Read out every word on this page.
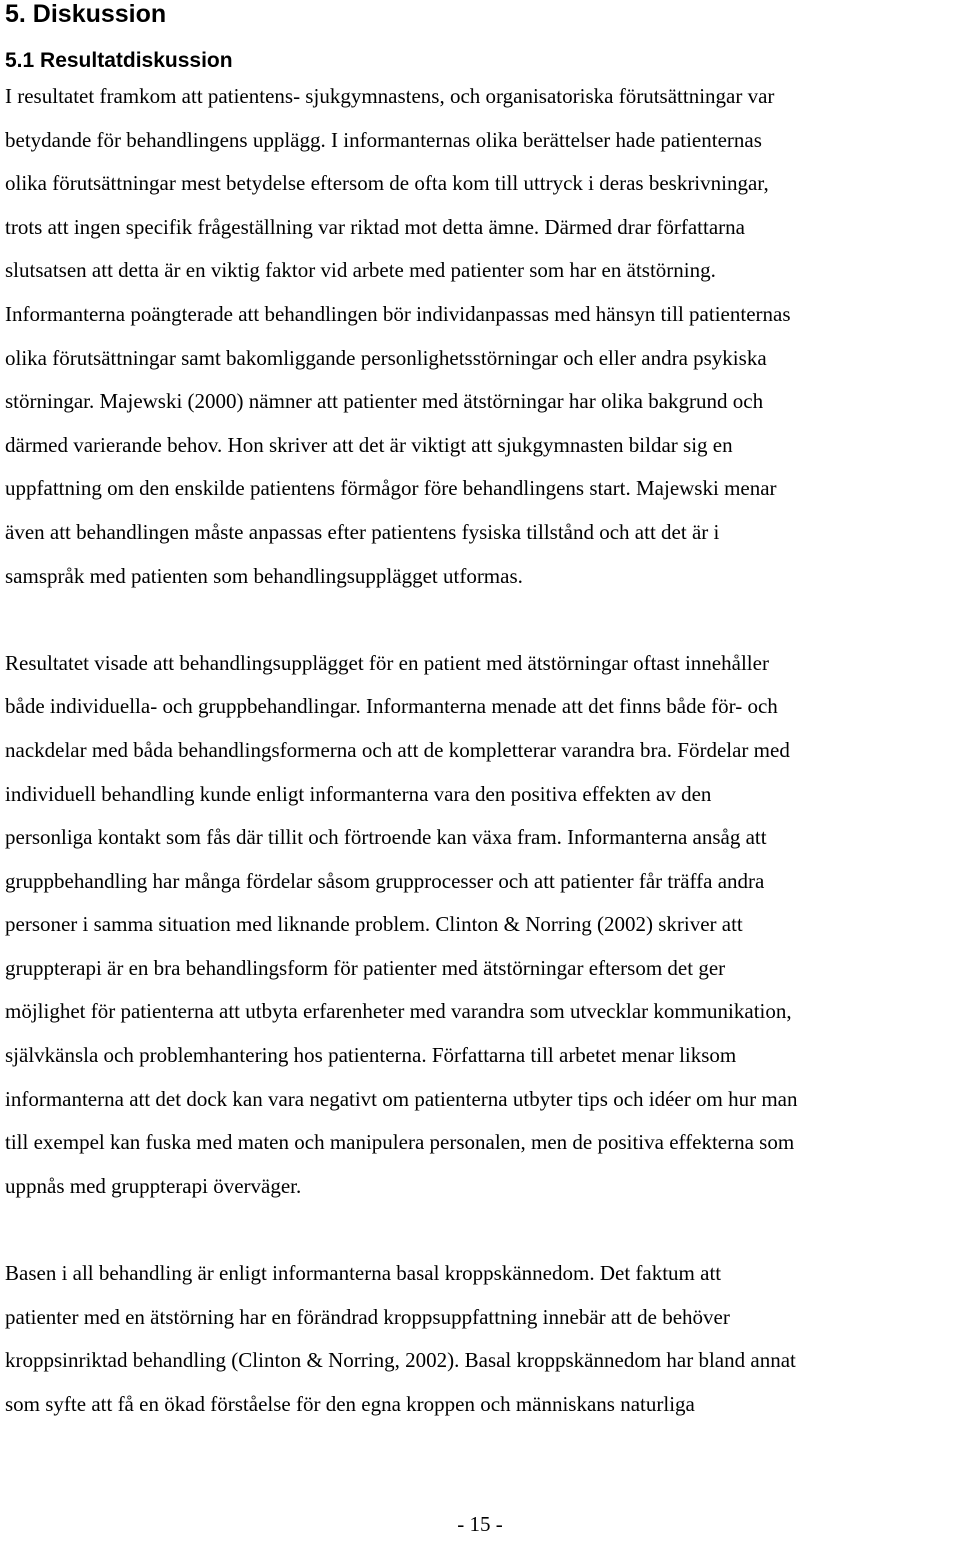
5. Diskussion
5.1 Resultatdiskussion

I resultatet framkom att patientens- sjukgymnastens, och organisatoriska förutsättningar var
betydande för behandlingens upplägg. I informanternas olika berättelser hade patienternas
olika förutsättningar mest betydelse eftersom de ofta kom till uttryck i deras beskrivningar,
trots att ingen specifik frågeställning var riktad mot detta ämne. Därmed drar författarna
slutsatsen att detta är en viktig faktor vid arbete med patienter som har en ätstörning.
Informanterna poängterade att behandlingen bör individanpassas med hänsyn till patienternas
olika förutsättningar samt bakomliggande personlighetsstörningar och eller andra psykiska
störningar. Majewski (2000) nämner att patienter med ätstörningar har olika bakgrund och
därmed varierande behov. Hon skriver att det är viktigt att sjukgymnasten bildar sig en
uppfattning om den enskilde patientens förmågor före behandlingens start. Majewski menar
även att behandlingen måste anpassas efter patientens fysiska tillstånd och att det är i
samspråk med patienten som behandlingsupplägget utformas.

Resultatet visade att behandlingsupplägget för en patient med ätstörningar oftast innehåller
både individuella- och gruppbehandlingar. Informanterna menade att det finns både för- och
nackdelar med båda behandlingsformerna och att de kompletterar varandra bra. Fördelar med
individuell behandling kunde enligt informanterna vara den positiva effekten av den
personliga kontakt som fås där tillit och förtroende kan växa fram. Informanterna ansåg att
gruppbehandling har många fördelar såsom grupprocesser och att patienter får träffa andra
personer i samma situation med liknande problem. Clinton & Norring (2002) skriver att
gruppterapi är en bra behandlingsform för patienter med ätstörningar eftersom det ger
möjlighet för patienterna att utbyta erfarenheter med varandra som utvecklar kommunikation,
självkänsla och problemhantering hos patienterna. Författarna till arbetet menar liksom
informanterna att det dock kan vara negativt om patienterna utbyter tips och idéer om hur man
till exempel kan fuska med maten och manipulera personalen, men de positiva effekterna som
uppnås med gruppterapi överväger.

Basen i all behandling är enligt informanterna basal kroppskännedom. Det faktum att
patienter med en ätstörning har en förändrad kroppsuppfattning innebär att de behöver
kroppsinriktad behandling (Clinton & Norring, 2002). Basal kroppskännedom har bland annat
som syfte att få en ökad förståelse för den egna kroppen och människans naturliga

- 15 -
